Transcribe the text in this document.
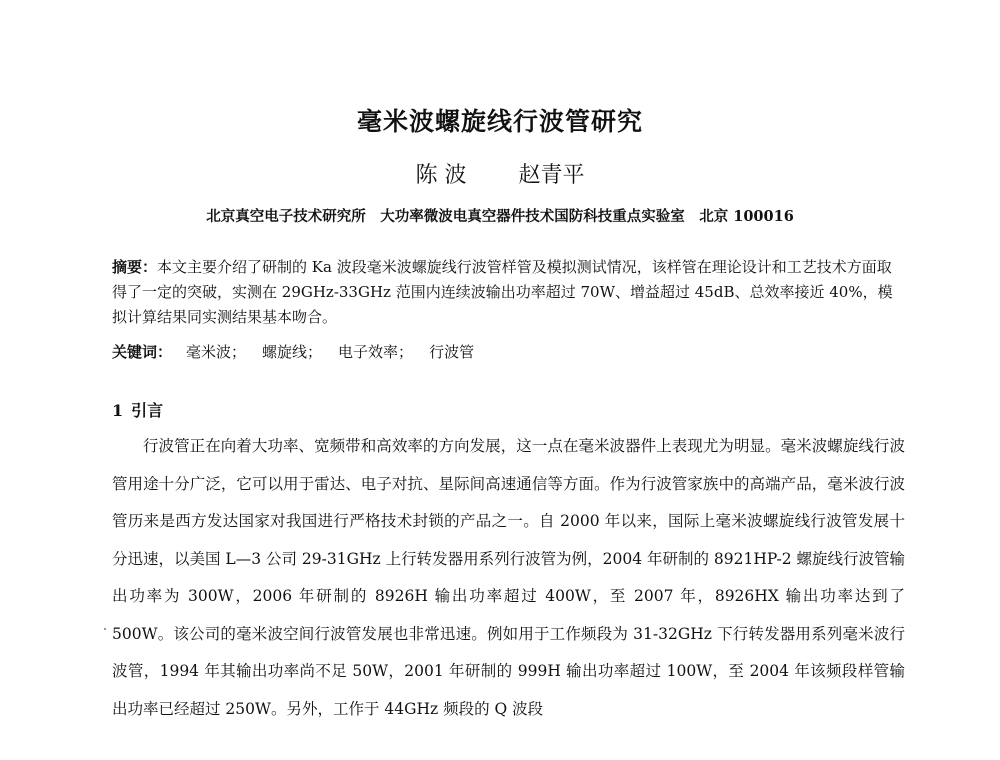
毫米波螺旋线行波管研究

陈 波 赵青平

北京真空电子技术研究所　大功率微波电真空器件技术国防科技重点实验室　北京 100016

摘要：本文主要介绍了研制的 Ka 波段毫米波螺旋线行波管样管及模拟测试情况，该样管在理论设计和工艺技术方面取得了一定的突破，实测在 29GHz-33GHz 范围内连续波输出功率超过 70W、增益超过 45dB、总效率接近 40%，模拟计算结果同实测结果基本吻合。

关键词： 毫米波； 螺旋线； 电子效率； 行波管

1 引言

行波管正在向着大功率、宽频带和高效率的方向发展，这一点在毫米波器件上表现尤为明显。毫米波螺旋线行波管用途十分广泛，它可以用于雷达、电子对抗、星际间高速通信等方面。作为行波管家族中的高端产品，毫米波行波管历来是西方发达国家对我国进行严格技术封锁的产品之一。自 2000 年以来，国际上毫米波螺旋线行波管发展十分迅速，以美国 L—3 公司 29-31GHz 上行转发器用系列行波管为例，2004 年研制的 8921HP-2 螺旋线行波管输出功率为 300W，2006 年研制的 8926H 输出功率超过 400W，至 2007 年，8926HX 输出功率达到了 500W。该公司的毫米波空间行波管发展也非常迅速。例如用于工作频段为 31-32GHz 下行转发器用系列毫米波行波管，1994 年其输出功率尚不足 50W，2001 年研制的 999H 输出功率超过 100W，至 2004 年该频段样管输出功率已经超过 250W。另外，工作于 44GHz 频段的 Q 波段
